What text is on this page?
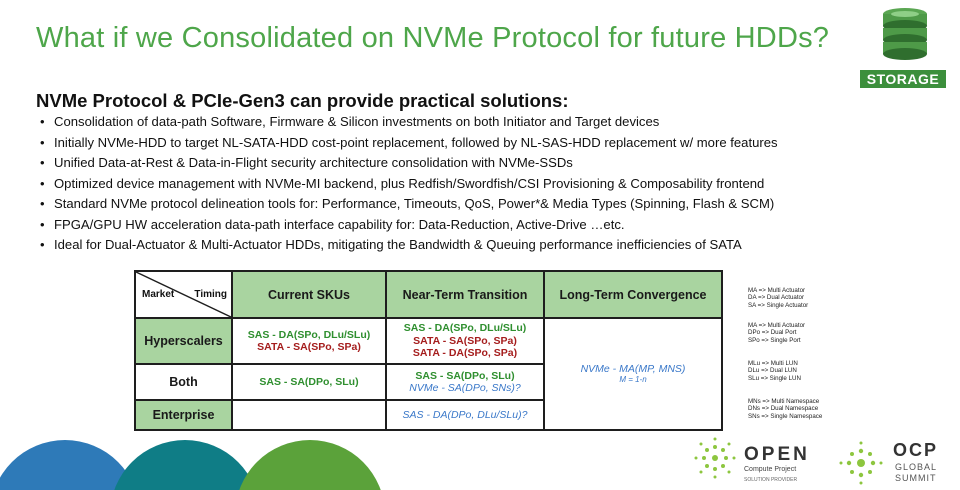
What if we Consolidated on NVMe Protocol for future HDDs?
STORAGE
NVMe Protocol & PCIe-Gen3 can provide practical solutions:
• Consolidation of data-path Software, Firmware & Silicon investments on both Initiator and Target devices
• Initially NVMe-HDD to target NL-SATA-HDD cost-point replacement, followed by NL-SAS-HDD replacement w/ more features
• Unified Data-at-Rest & Data-in-Flight security architecture consolidation with NVMe-SSDs
• Optimized device management with NVMe-MI backend, plus Redfish/Swordfish/CSI Provisioning & Composability frontend
• Standard NVMe protocol delineation tools for: Performance, Timeouts, QoS, Power*& Media Types (Spinning, Flash & SCM)
• FPGA/GPU HW acceleration data-path interface capability for: Data-Reduction, Active-Drive …etc.
• Ideal for Dual-Actuator & Multi-Actuator HDDs, mitigating the Bandwidth & Queuing performance inefficiencies of SATA
Market Timing	Current SKUs	Near-Term Transition	Long-Term Convergence
Hyperscalers	SAS - DA(SPo, DLu/SLu)
SATA - SA(SPo, SPa)	SAS - DA(SPo, DLu/SLu)
SATA - SA(SPo, SPa)
SATA - DA(SPo, SPa)	NVMe - MA(MP, MNS)
M = 1-n

Both	SAS - SA(DPo, SLu)	SAS - SA(DPo, SLu)
NVMe - SA(DPo, SNs)?	

Enterprise		SAS - DA(DPo, DLu/SLu)?	
MA => Multi Actuator
DA => Dual Actuator
SA => Single Actuator
MA => Multi Actuator
DPo => Dual Port
SPo => Single Port
MLu => Multi LUN
DLu => Dual LUN
SLu => Single LUN
MNs => Multi Namespace
DNs => Dual Namespace
SNs => Single Namespace
OPEN
Compute Project
SOLUTION PROVIDER
OCP
GLOBAL
SUMMIT
